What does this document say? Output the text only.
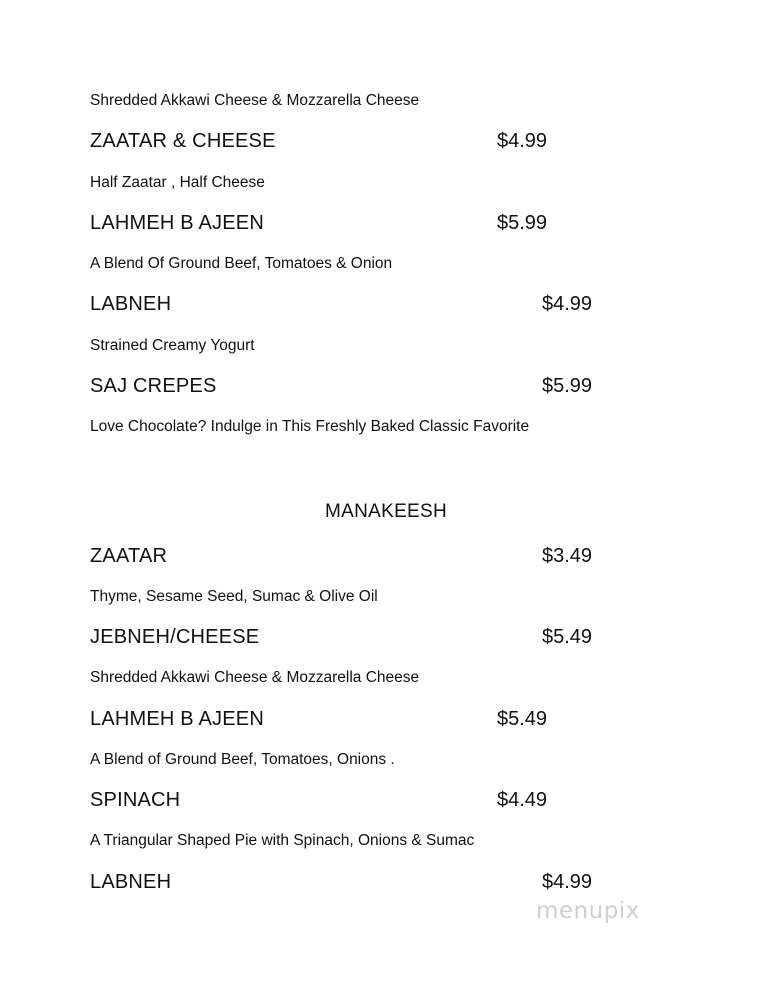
Shredded Akkawi Cheese & Mozzarella Cheese
ZAATAR & CHEESE	$4.99
Half Zaatar , Half Cheese
LAHMEH B AJEEN	$5.99
A Blend Of Ground Beef, Tomatoes & Onion
LABNEH	$4.99
Strained Creamy Yogurt
SAJ CREPES	$5.99
Love Chocolate? Indulge in This Freshly Baked Classic Favorite
MANAKEESH
ZAATAR	$3.49
Thyme, Sesame Seed, Sumac & Olive Oil
JEBNEH/CHEESE	$5.49
Shredded Akkawi Cheese & Mozzarella Cheese
LAHMEH B AJEEN	$5.49
A Blend of Ground Beef, Tomatoes, Onions .
SPINACH	$4.49
A Triangular Shaped Pie with Spinach, Onions & Sumac
LABNEH	$4.99
menupix
